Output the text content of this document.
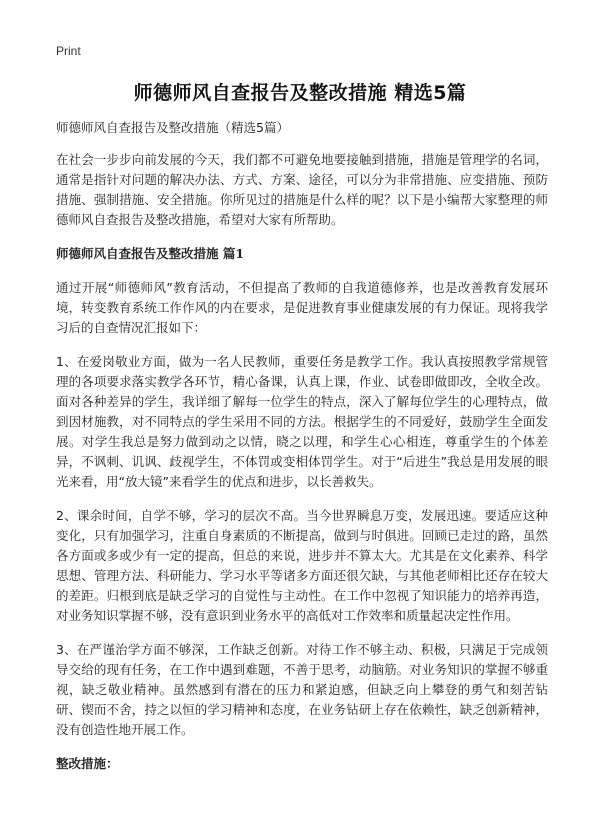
Print
师德师风自查报告及整改措施 精选5篇

师德师风自查报告及整改措施（精选5篇）

在社会一步步向前发展的今天，我们都不可避免地要接触到措施，措施是管理学的名词，通常是指针对问题的解决办法、方式、方案、途径，可以分为非常措施、应变措施、预防措施、强制措施、安全措施。你所见过的措施是什么样的呢？以下是小编帮大家整理的师德师风自查报告及整改措施，希望对大家有所帮助。

师德师风自查报告及整改措施 篇1

通过开展“师德师风”教育活动，不但提高了教师的自我道德修养，也是改善教育发展环境，转变教育系统工作作风的内在要求，是促进教育事业健康发展的有力保证。现将我学习后的自查情况汇报如下：

1、在爱岗敬业方面，做为一名人民教师，重要任务是教学工作。我认真按照教学常规管理的各项要求落实教学各环节，精心备课，认真上课，作业、试卷即做即改，全收全改。面对各种差异的学生，我详细了解每一位学生的特点，深入了解每位学生的心理特点，做到因材施教，对不同特点的学生采用不同的方法。根据学生的不同爱好，鼓励学生全面发展。对学生我总是努力做到动之以情，晓之以理，和学生心心相连，尊重学生的个体差异，不讽刺、讥讽、歧视学生，不体罚或变相体罚学生。对于“后进生”我总是用发展的眼光来看，用“放大镜”来看学生的优点和进步，以长善救失。

2、课余时间，自学不够，学习的层次不高。当今世界瞬息万变，发展迅速。要适应这种变化，只有加强学习，注重自身素质的不断提高，做到与时俱进。回顾已走过的路，虽然各方面或多或少有一定的提高，但总的来说，进步并不算太大。尤其是在文化素养、科学思想、管理方法、科研能力、学习水平等诸多方面还很欠缺，与其他老师相比还存在较大的差距。归根到底是缺乏学习的自觉性与主动性。在工作中忽视了知识能力的培养再造，对业务知识掌握不够，没有意识到业务水平的高低对工作效率和质量起决定性作用。

3、在严谨治学方面不够深，工作缺乏创新。对待工作不够主动、积极，只满足于完成领导交给的现有任务，在工作中遇到难题，不善于思考，动脑筋。对业务知识的掌握不够重视，缺乏敬业精神。虽然感到有潜在的压力和紧迫感，但缺乏向上攀登的勇气和刻苦钻研、锲而不舍，持之以恒的学习精神和态度，在业务钻研上存在依赖性，缺乏创新精神，没有创造性地开展工作。

整改措施：
